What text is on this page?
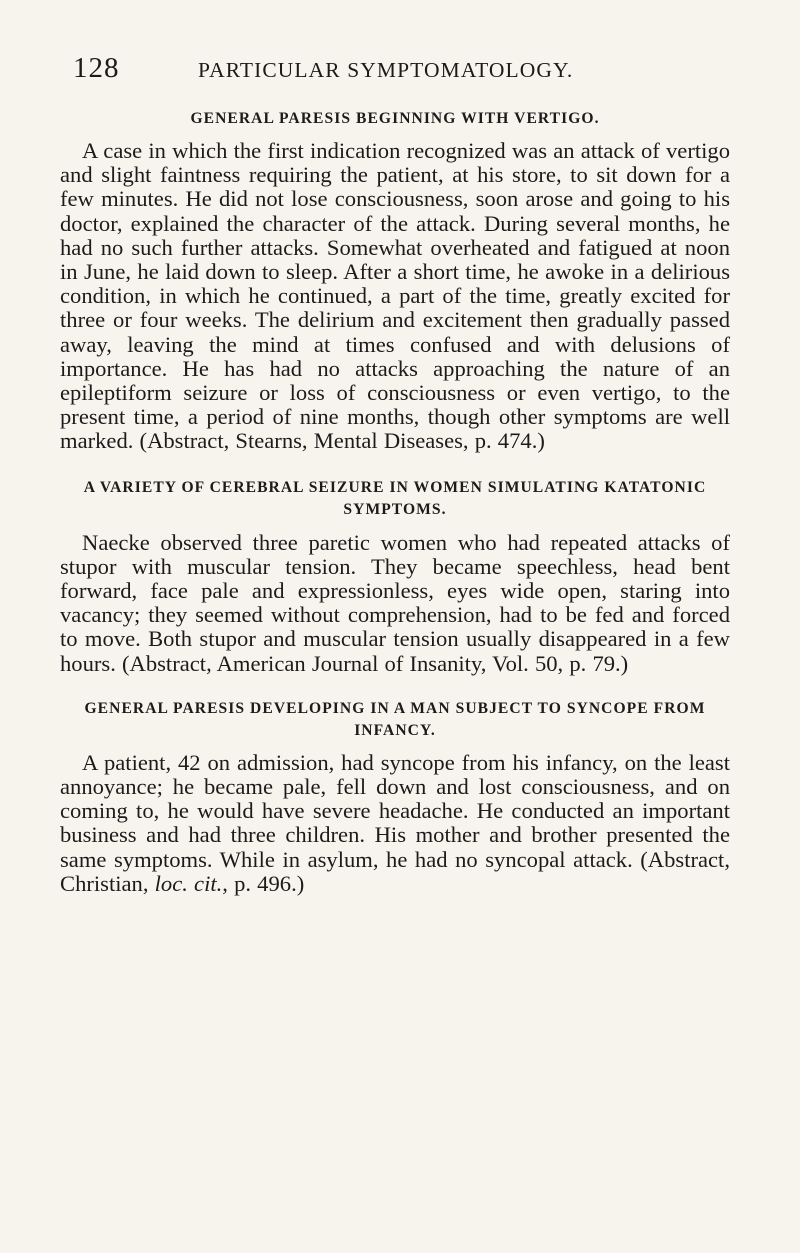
128	PARTICULAR SYMPTOMATOLOGY.
GENERAL PARESIS BEGINNING WITH VERTIGO.

A case in which the first indication recognized was an attack of vertigo and slight faintness requiring the patient, at his store, to sit down for a few minutes. He did not lose consciousness, soon arose and going to his doctor, explained the character of the attack. During several months, he had no such further attacks. Somewhat overheated and fatigued at noon in June, he laid down to sleep. After a short time, he awoke in a delirious condition, in which he continued, a part of the time, greatly excited for three or four weeks. The delirium and excitement then gradually passed away, leaving the mind at times confused and with delusions of importance. He has had no attacks approaching the nature of an epileptiform seizure or loss of consciousness or even vertigo, to the present time, a period of nine months, though other symptoms are well marked. (Abstract, Stearns, Mental Diseases, p. 474.)

A VARIETY OF CEREBRAL SEIZURE IN WOMEN SIMULATING KATATONIC SYMPTOMS.

Naecke observed three paretic women who had repeated attacks of stupor with muscular tension. They became speechless, head bent forward, face pale and expressionless, eyes wide open, staring into vacancy; they seemed without comprehension, had to be fed and forced to move. Both stupor and muscular tension usually disappeared in a few hours. (Abstract, American Journal of Insanity, Vol. 50, p. 79.)

GENERAL PARESIS DEVELOPING IN A MAN SUBJECT TO SYNCOPE FROM INFANCY.

A patient, 42 on admission, had syncope from his infancy, on the least annoyance; he became pale, fell down and lost consciousness, and on coming to, he would have severe headache. He conducted an important business and had three children. His mother and brother presented the same symptoms. While in asylum, he had no syncopal attack. (Abstract, Christian, loc. cit., p. 496.)
